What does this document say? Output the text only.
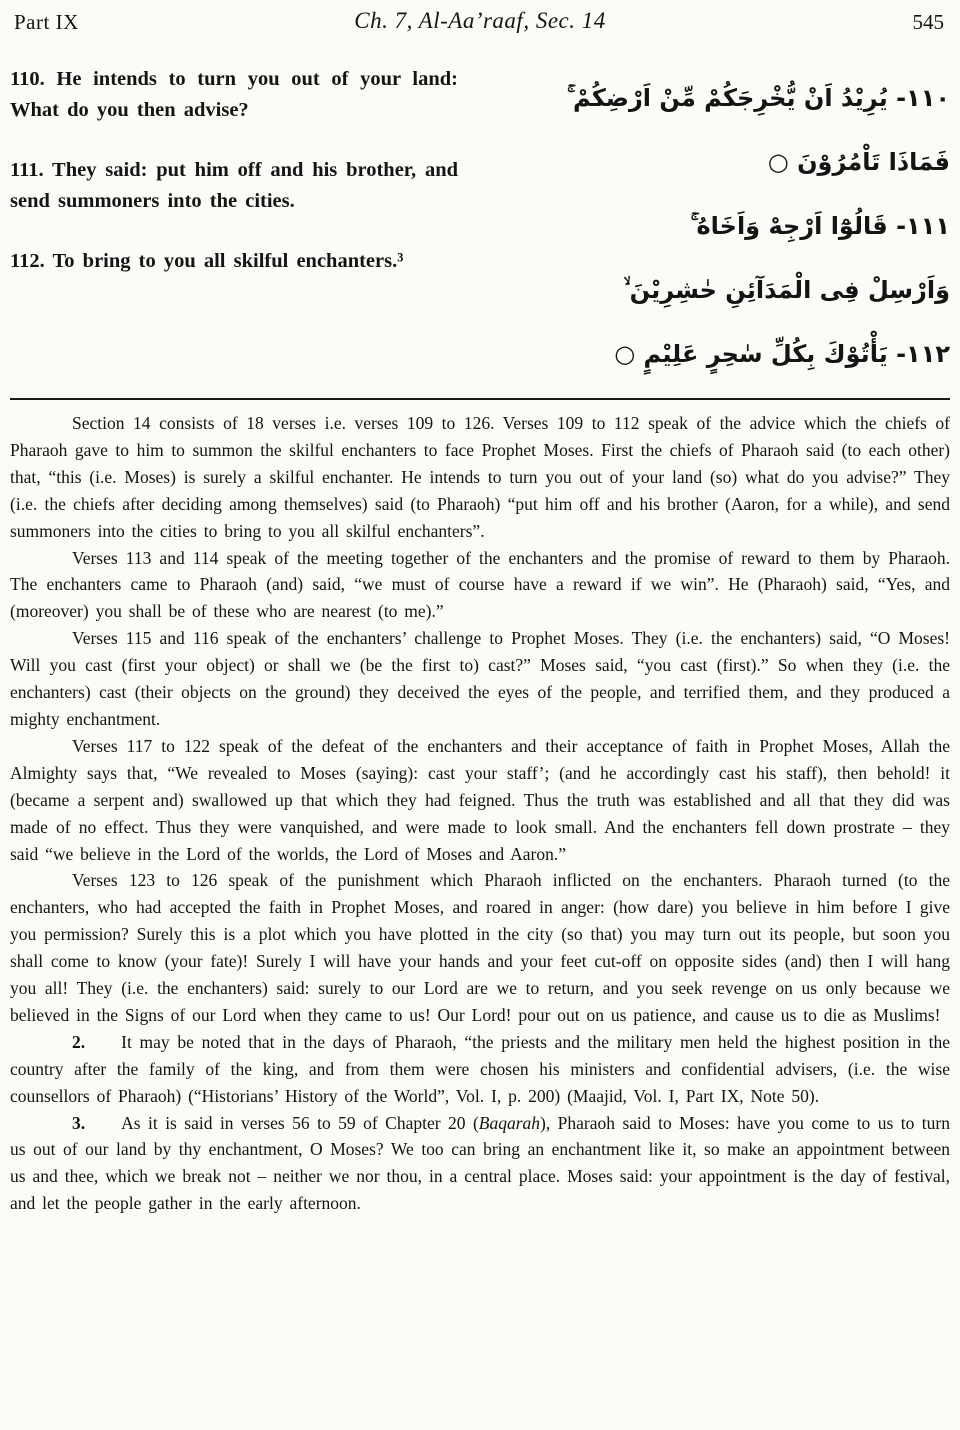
Part IX	Ch. 7, Al-Aa’raaf, Sec. 14	545

110. He intends to turn you out of your land: What do you then advise?

111. They said: put him off and his brother, and send summoners into the cities.

112. To bring to you all skilful enchanters.³

١١٠- يُرِيْدُ اَنْ يُّخْرِجَكُمْ مِّنْ اَرْضِكُمْ ۚ
فَمَاذَا تَاْمُرُوْنَ ○
١١١- قَالُوْٓا اَرْجِهْ وَاَخَاهُ ۚ
وَاَرْسِلْ فِى الْمَدَآئِنِ حٰشِرِيْنَ ۙ
١١٢- يَأْتُوْكَ بِكُلِّ سٰحِرٍ عَلِيْمٍ ○

Section 14 consists of 18 verses i.e. verses 109 to 126. Verses 109 to 112 speak of the advice which the chiefs of Pharaoh gave to him to summon the skilful enchanters to face Prophet Moses. First the chiefs of Pharaoh said (to each other) that, “this (i.e. Moses) is surely a skilful enchanter. He intends to turn you out of your land (so) what do you advise?” They (i.e. the chiefs after deciding among themselves) said (to Pharaoh) “put him off and his brother (Aaron, for a while), and send summoners into the cities to bring to you all skilful enchanters”.

Verses 113 and 114 speak of the meeting together of the enchanters and the promise of reward to them by Pharaoh. The enchanters came to Pharaoh (and) said, “we must of course have a reward if we win”. He (Pharaoh) said, “Yes, and (moreover) you shall be of these who are nearest (to me).”

Verses 115 and 116 speak of the enchanters’ challenge to Prophet Moses. They (i.e. the enchanters) said, “O Moses! Will you cast (first your object) or shall we (be the first to) cast?” Moses said, “you cast (first).” So when they (i.e. the enchanters) cast (their objects on the ground) they deceived the eyes of the people, and terrified them, and they produced a mighty enchantment.

Verses 117 to 122 speak of the defeat of the enchanters and their acceptance of faith in Prophet Moses, Allah the Almighty says that, “We revealed to Moses (saying): cast your staff’; (and he accordingly cast his staff), then behold! it (became a serpent and) swallowed up that which they had feigned. Thus the truth was established and all that they did was made of no effect. Thus they were vanquished, and were made to look small. And the enchanters fell down prostrate – they said “we believe in the Lord of the worlds, the Lord of Moses and Aaron.”

Verses 123 to 126 speak of the punishment which Pharaoh inflicted on the enchanters. Pharaoh turned (to the enchanters, who had accepted the faith in Prophet Moses, and roared in anger: (how dare) you believe in him before I give you permission? Surely this is a plot which you have plotted in the city (so that) you may turn out its people, but soon you shall come to know (your fate)! Surely I will have your hands and your feet cut-off on opposite sides (and) then I will hang you all! They (i.e. the enchanters) said: surely to our Lord are we to return, and you seek revenge on us only because we believed in the Signs of our Lord when they came to us! Our Lord! pour out on us patience, and cause us to die as Muslims!

2. It may be noted that in the days of Pharaoh, “the priests and the military men held the highest position in the country after the family of the king, and from them were chosen his ministers and confidential advisers, (i.e. the wise counsellors of Pharaoh) (“Historians’ History of the World”, Vol. I, p. 200) (Maajid, Vol. I, Part IX, Note 50).

3. As it is said in verses 56 to 59 of Chapter 20 (Baqarah), Pharaoh said to Moses: have you come to us to turn us out of our land by thy enchantment, O Moses? We too can bring an enchantment like it, so make an appointment between us and thee, which we break not – neither we nor thou, in a central place. Moses said: your appointment is the day of festival, and let the people gather in the early afternoon.
